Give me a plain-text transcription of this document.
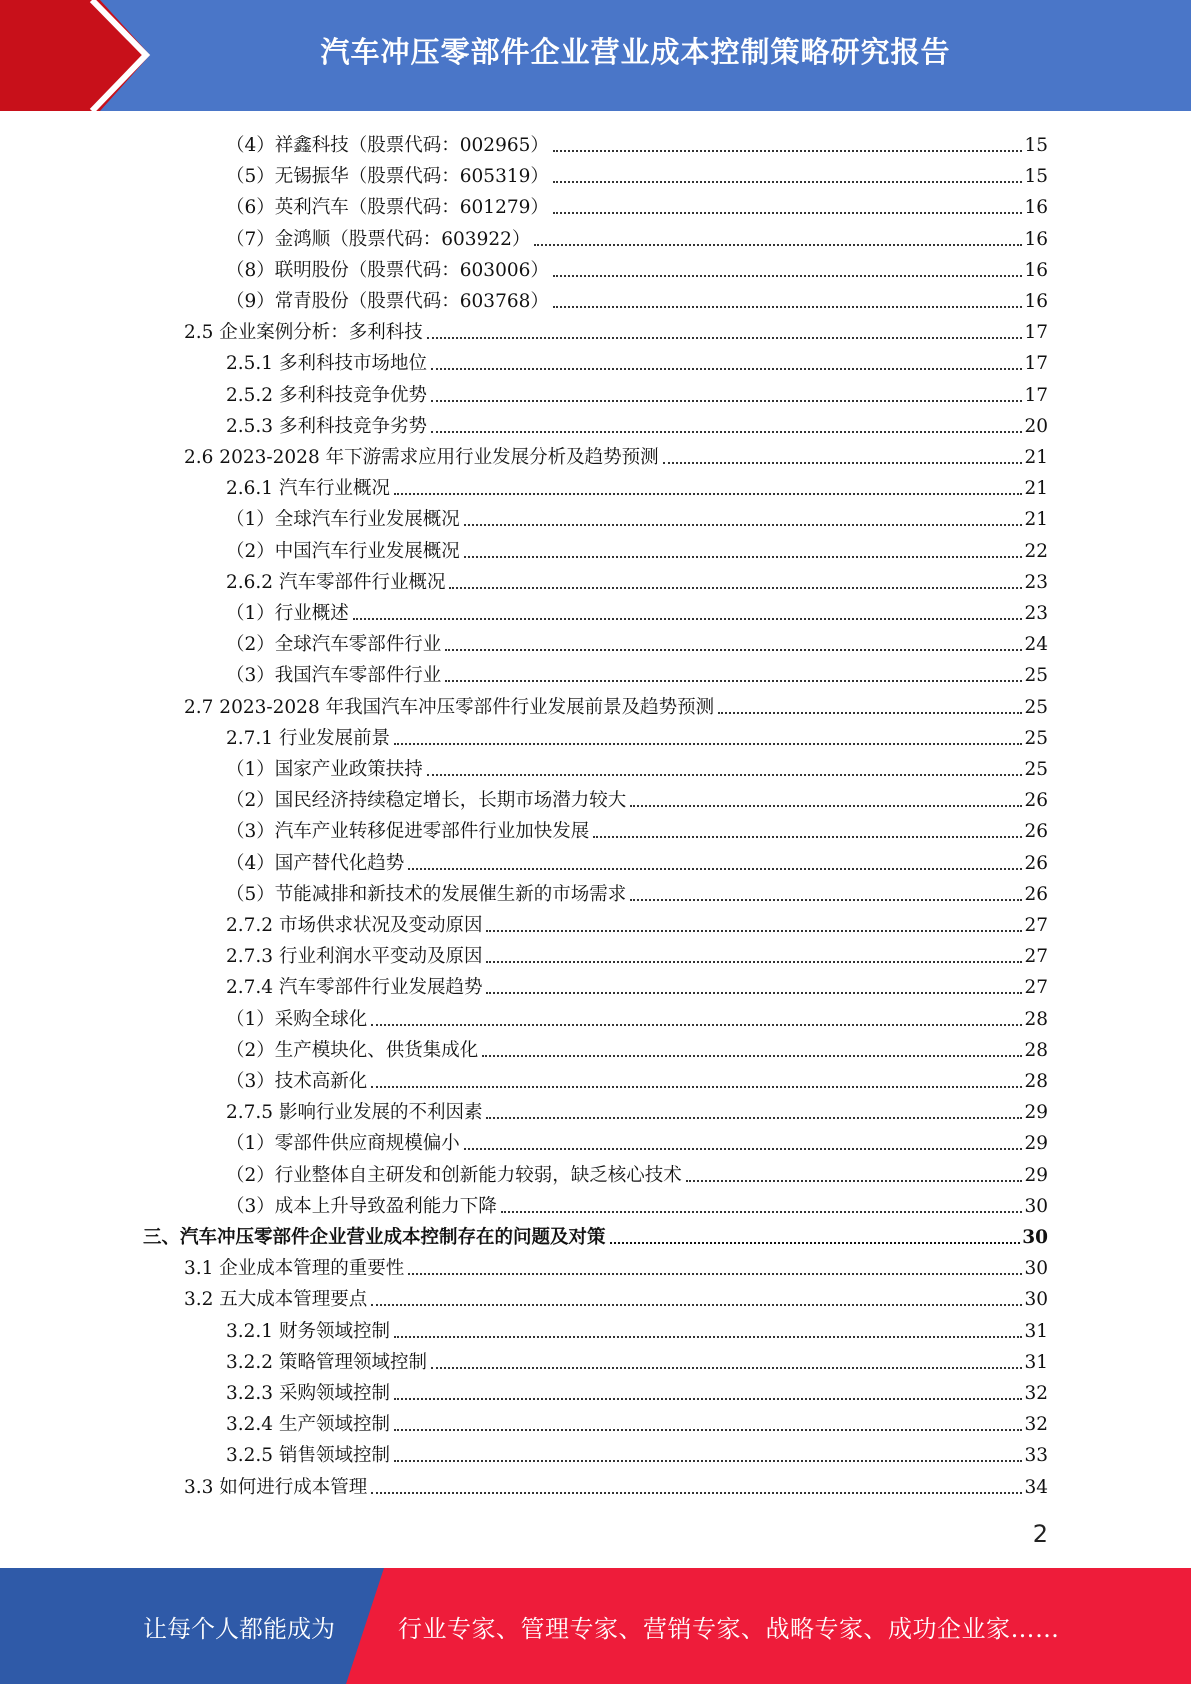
汽车冲压零部件企业营业成本控制策略研究报告
（4）祥鑫科技（股票代码：002965）	15
（5）无锡振华（股票代码：605319）	15
（6）英利汽车（股票代码：601279）	16
（7）金鸿顺（股票代码：603922）	16
（8）联明股份（股票代码：603006）	16
（9）常青股份（股票代码：603768）	16
2.5 企业案例分析：多利科技	17
2.5.1 多利科技市场地位	17
2.5.2 多利科技竞争优势	17
2.5.3 多利科技竞争劣势	20
2.6 2023-2028 年下游需求应用行业发展分析及趋势预测	21
2.6.1 汽车行业概况	21
（1）全球汽车行业发展概况	21
（2）中国汽车行业发展概况	22
2.6.2 汽车零部件行业概况	23
（1）行业概述	23
（2）全球汽车零部件行业	24
（3）我国汽车零部件行业	25
2.7 2023-2028 年我国汽车冲压零部件行业发展前景及趋势预测	25
2.7.1 行业发展前景	25
（1）国家产业政策扶持	25
（2）国民经济持续稳定增长，长期市场潜力较大	26
（3）汽车产业转移促进零部件行业加快发展	26
（4）国产替代化趋势	26
（5）节能减排和新技术的发展催生新的市场需求	26
2.7.2 市场供求状况及变动原因	27
2.7.3 行业利润水平变动及原因	27
2.7.4 汽车零部件行业发展趋势	27
（1）采购全球化	28
（2）生产模块化、供货集成化	28
（3）技术高新化	28
2.7.5 影响行业发展的不利因素	29
（1）零部件供应商规模偏小	29
（2）行业整体自主研发和创新能力较弱，缺乏核心技术	29
（3）成本上升导致盈利能力下降	30
三、汽车冲压零部件企业营业成本控制存在的问题及对策	30
3.1 企业成本管理的重要性	30
3.2 五大成本管理要点	30
3.2.1 财务领域控制	31
3.2.2 策略管理领域控制	31
3.2.3 采购领域控制	32
3.2.4 生产领域控制	32
3.2.5 销售领域控制	33
3.3 如何进行成本管理	34
2
让每个人都能成为	行业专家、管理专家、营销专家、战略专家、成功企业家……
